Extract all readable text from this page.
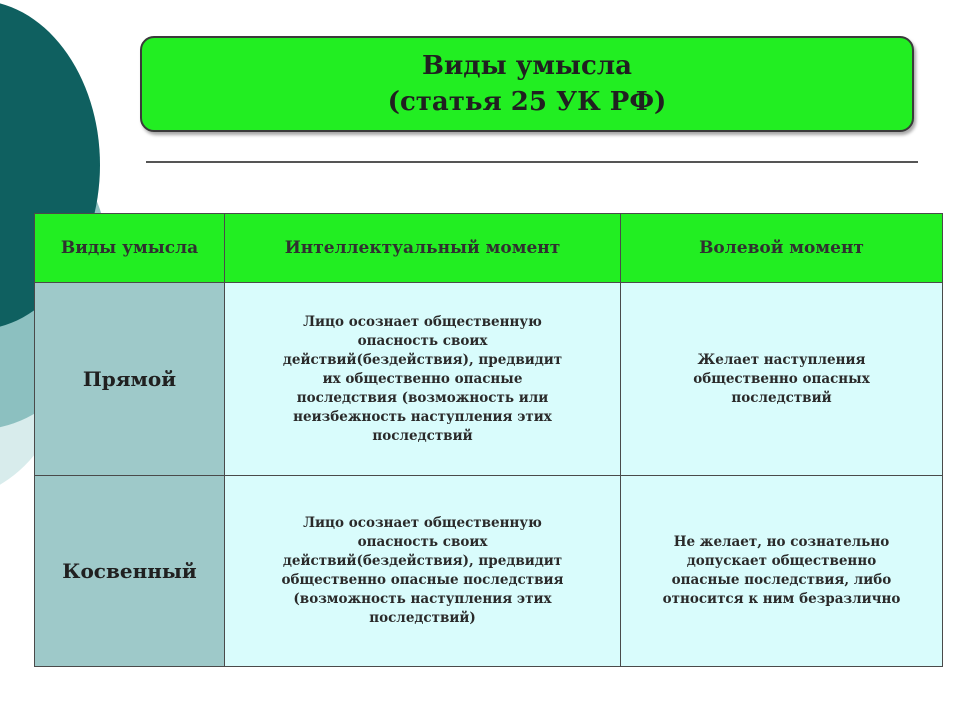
Виды умысла
(статья 25 УК РФ)
Виды умысла	Интеллектуальный момент	Волевой момент
Прямой	Лицо осознает общественную опасность своих действий(бездействия), предвидит их общественно опасные последствия (возможность или неизбежность наступления этих последствий	Желает наступления общественно опасных последствий

Косвенный	Лицо осознает общественную опасность своих действий(бездействия), предвидит общественно опасные последствия (возможность наступления этих последствий)	Не желает, но сознательно допускает общественно опасные последствия, либо относится к ним безразлично
